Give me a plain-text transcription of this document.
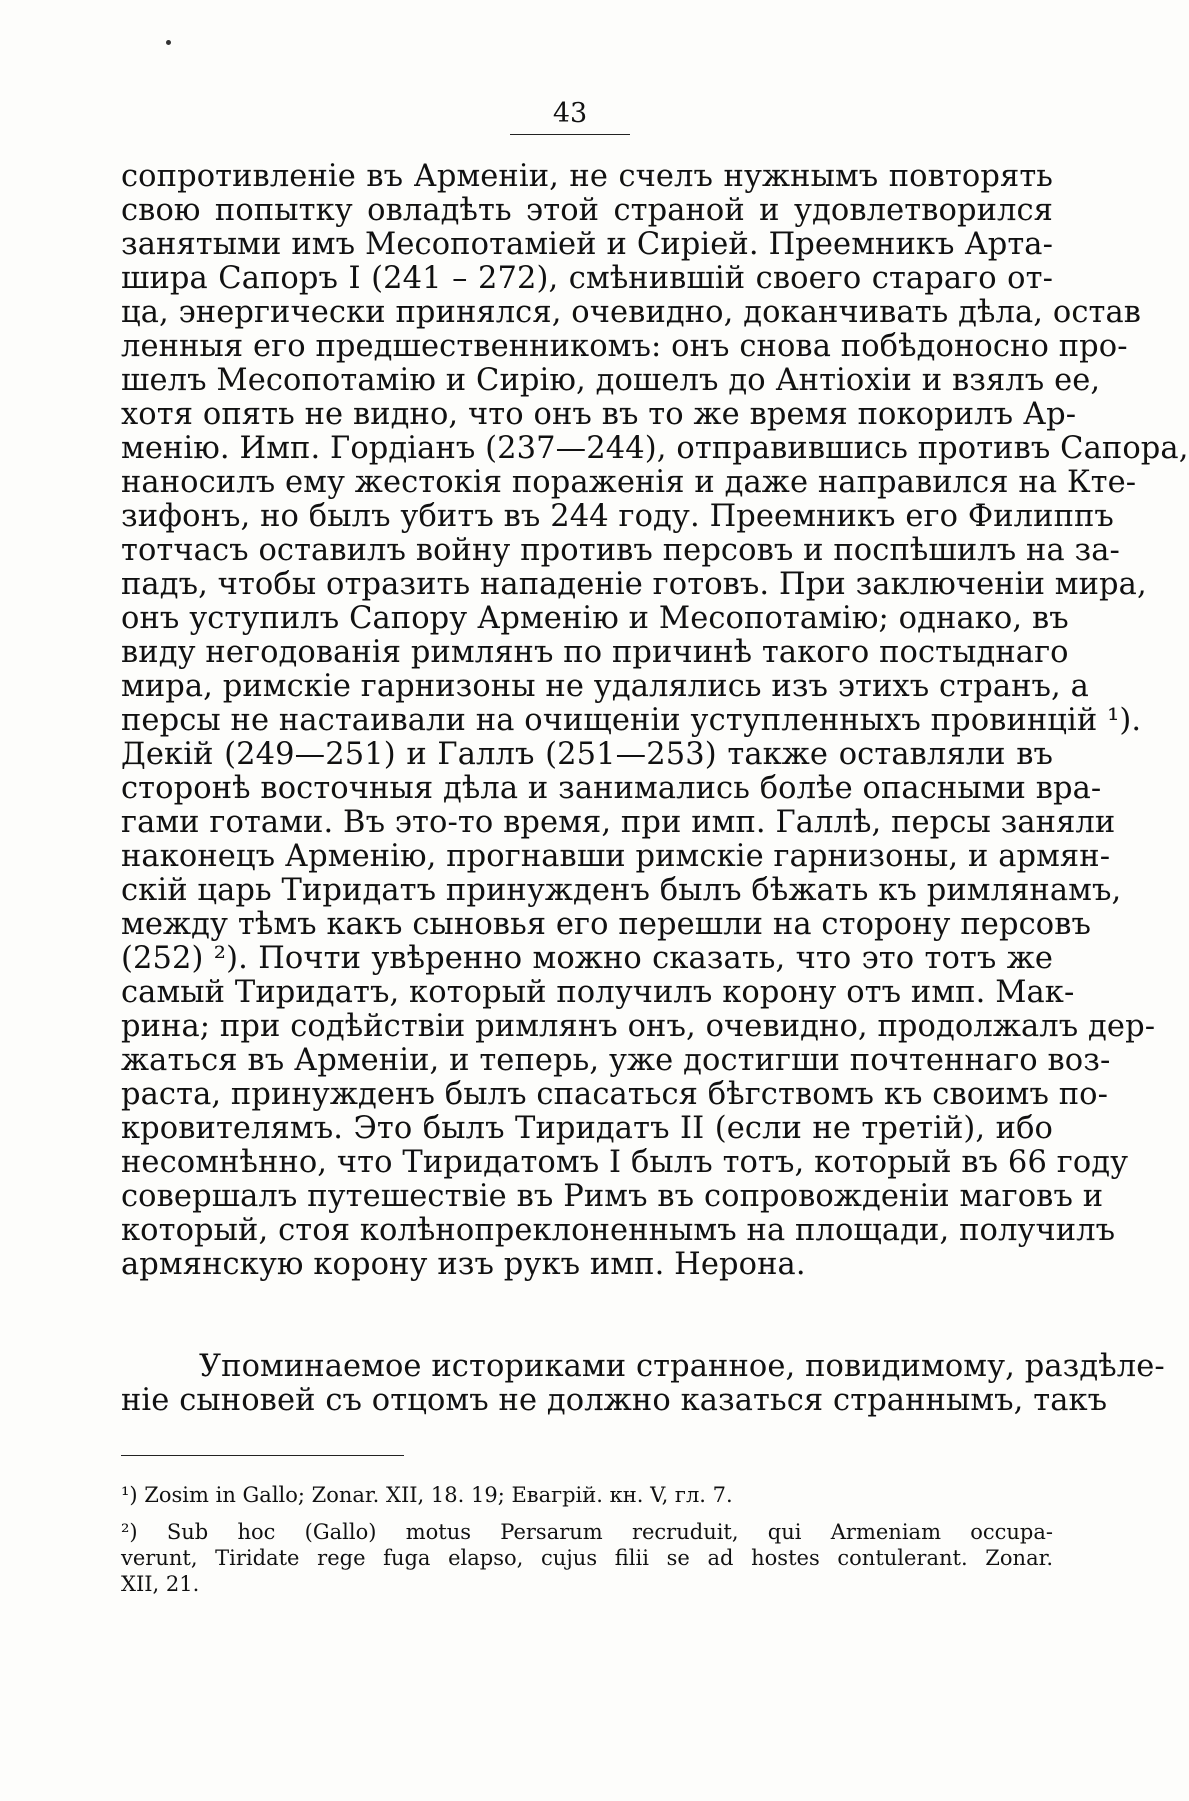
43
сопротивленіе въ Арменіи, не счелъ нужнымъ повторять
свою попытку овладѣть этой страной и удовлетворился
занятыми имъ Месопотаміей и Сиріей. Преемникъ Арта-
шира Сапоръ I (241 – 272), смѣнившій своего стараго от-
ца, энергически принялся, очевидно, доканчивать дѣла, остав
ленныя его предшественникомъ: онъ снова побѣдоносно про-
шелъ Месопотамію и Сирію, дошелъ до Антіохіи и взялъ ее,
хотя опять не видно, что онъ въ то же время покорилъ Ар-
менію. Имп. Гордіанъ (237—244), отправившись противъ Сапора,
наносилъ ему жестокія пораженія и даже направился на Кте-
зифонъ, но былъ убитъ въ 244 году. Преемникъ его Филиппъ
тотчасъ оставилъ войну противъ персовъ и поспѣшилъ на за-
падъ, чтобы отразить нападеніе готовъ. При заключеніи мира,
онъ уступилъ Сапору Арменію и Месопотамію; однако, въ
виду негодованія римлянъ по причинѣ такого постыднаго
мира, римскіе гарнизоны не удалялись изъ этихъ странъ, а
персы не настаивали на очищеніи уступленныхъ провинцій ¹).
Декій (249—251) и Галлъ (251—253) также оставляли въ
сторонѣ восточныя дѣла и занимались болѣе опасными вра-
гами готами. Въ это-то время, при имп. Галлѣ, персы заняли
наконецъ Арменію, прогнавши римскіе гарнизоны, и армян-
скій царь Тиридатъ принужденъ былъ бѣжать къ римлянамъ,
между тѣмъ какъ сыновья его перешли на сторону персовъ
(252) ²). Почти увѣренно можно сказать, что это тотъ же
самый Тиридатъ, который получилъ корону отъ имп. Мак-
рина; при содѣйствіи римлянъ онъ, очевидно, продолжалъ дер-
жаться въ Арменіи, и теперь, уже достигши почтеннаго воз-
раста, принужденъ былъ спасаться бѣгствомъ къ своимъ по-
кровителямъ. Это былъ Тиридатъ II (если не третій), ибо
несомнѣнно, что Тиридатомъ I былъ тотъ, который въ 66 году
совершалъ путешествіе въ Римъ въ сопровожденіи маговъ и
который, стоя колѣнопреклоненнымъ на площади, получилъ
армянскую корону изъ рукъ имп. Нерона.
Упоминаемое историками странное, повидимому, раздѣле-
ніе сыновей съ отцомъ не должно казаться страннымъ, такъ
¹) Zosim in Gallo; Zonar. XII, 18. 19; Евагрій. кн. V, гл. 7.
²) Sub hoc (Gallo) motus Persarum recruduit, qui Armeniam occupa-
verunt, Tiridate rege fuga elapso, cujus filii se ad hostes contulerant. Zonar.
XII, 21.
